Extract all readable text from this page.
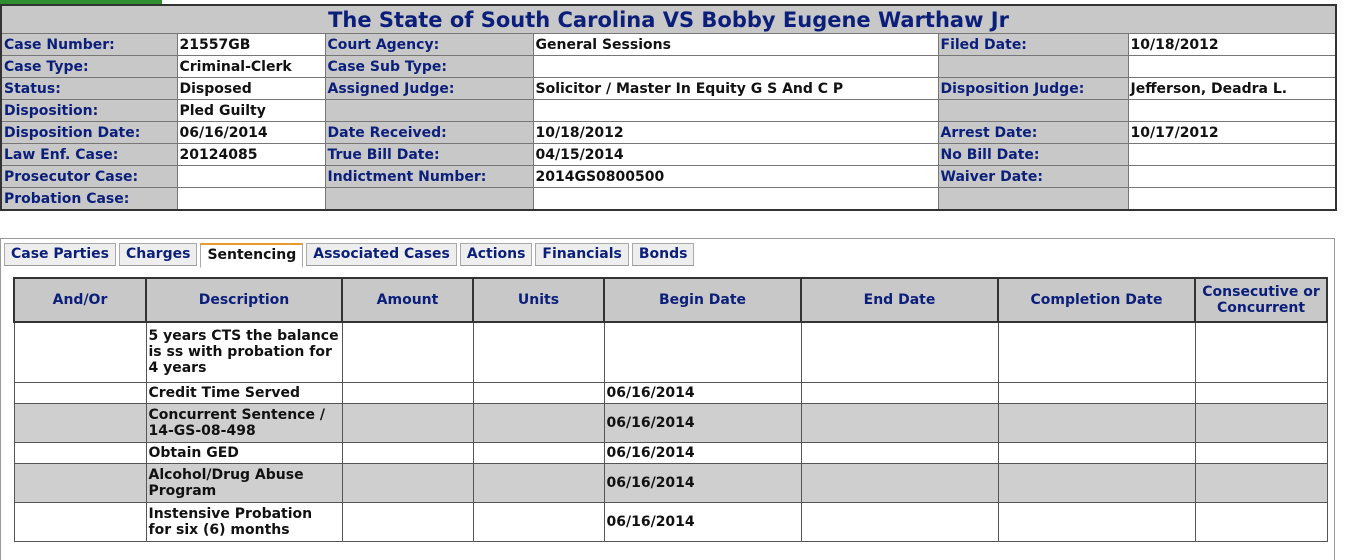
The State of South Carolina VS Bobby Eugene Warthaw Jr					
Case Number:	21557GB	Court Agency:	General Sessions	Filed Date:	10/18/2012
Case Type:	Criminal-Clerk	Case Sub Type:			
Status:	Disposed	Assigned Judge:	Solicitor / Master In Equity G S And C P	Disposition Judge:	Jefferson, Deadra L.
Disposition:	Pled Guilty				
Disposition Date:	06/16/2014	Date Received:	10/18/2012	Arrest Date:	10/17/2012
Law Enf. Case:	20124085	True Bill Date:	04/15/2014	No Bill Date:	
Prosecutor Case:		Indictment Number:	2014GS0800500	Waiver Date:	
Probation Case:					
Case Parties	Charges	Sentencing	Associated Cases	Actions	Financials	Bonds
And/Or	Description	Amount	Units	Begin Date	End Date	Completion Date	Consecutive or Concurrent
	5 years CTS the balance is ss with probation for 4 years						
	Credit Time Served			06/16/2014			
	Concurrent Sentence / 14-GS-08-498			06/16/2014			
	Obtain GED			06/16/2014			
	Alcohol/Drug Abuse Program			06/16/2014			
	Instensive Probation for six (6) months			06/16/2014			
